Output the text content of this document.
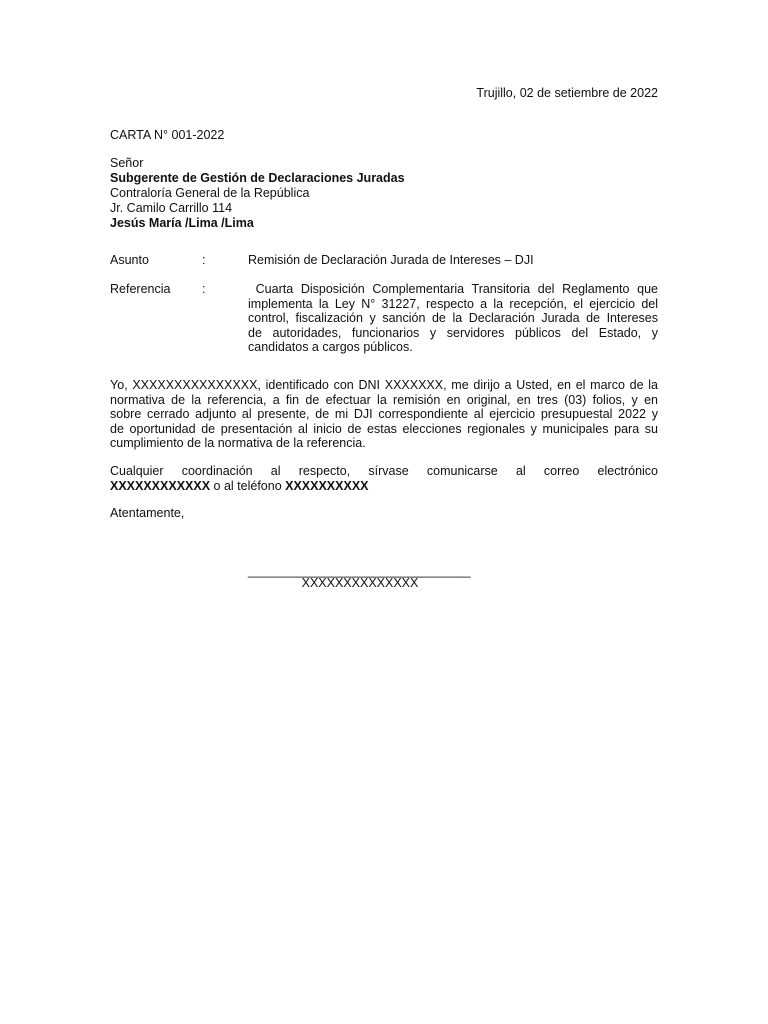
Trujillo, 02 de setiembre de 2022
CARTA N° 001-2022
Señor
Subgerente de Gestión de Declaraciones Juradas
Contraloría General de la República
Jr. Camilo Carrillo 114
Jesús María /Lima /Lima
Asunto	:	Remisión de Declaración Jurada de Intereses – DJI
Referencia	:	Cuarta Disposición Complementaria Transitoria del Reglamento que
implementa la Ley N° 31227, respecto a la recepción, el ejercicio del
control, fiscalización y sanción de la Declaración Jurada de Intereses
de autoridades, funcionarios y servidores públicos del Estado, y
candidatos a cargos públicos.
Yo, XXXXXXXXXXXXXXX, identificado con DNI XXXXXXX, me dirijo a Usted, en el marco de la
normativa de la referencia, a fin de efectuar la remisión en original, en tres (03) folios, y en
sobre cerrado adjunto al presente, de mi DJI correspondiente al ejercicio presupuestal 2022 y
de oportunidad de presentación al inicio de estas elecciones regionales y municipales para su
cumplimiento de la normativa de la referencia.
Cualquier coordinación al respecto, sírvase comunicarse al correo electrónico
XXXXXXXXXXXX o al teléfono XXXXXXXXXX
Atentamente,
________________________________
XXXXXXXXXXXXXX
